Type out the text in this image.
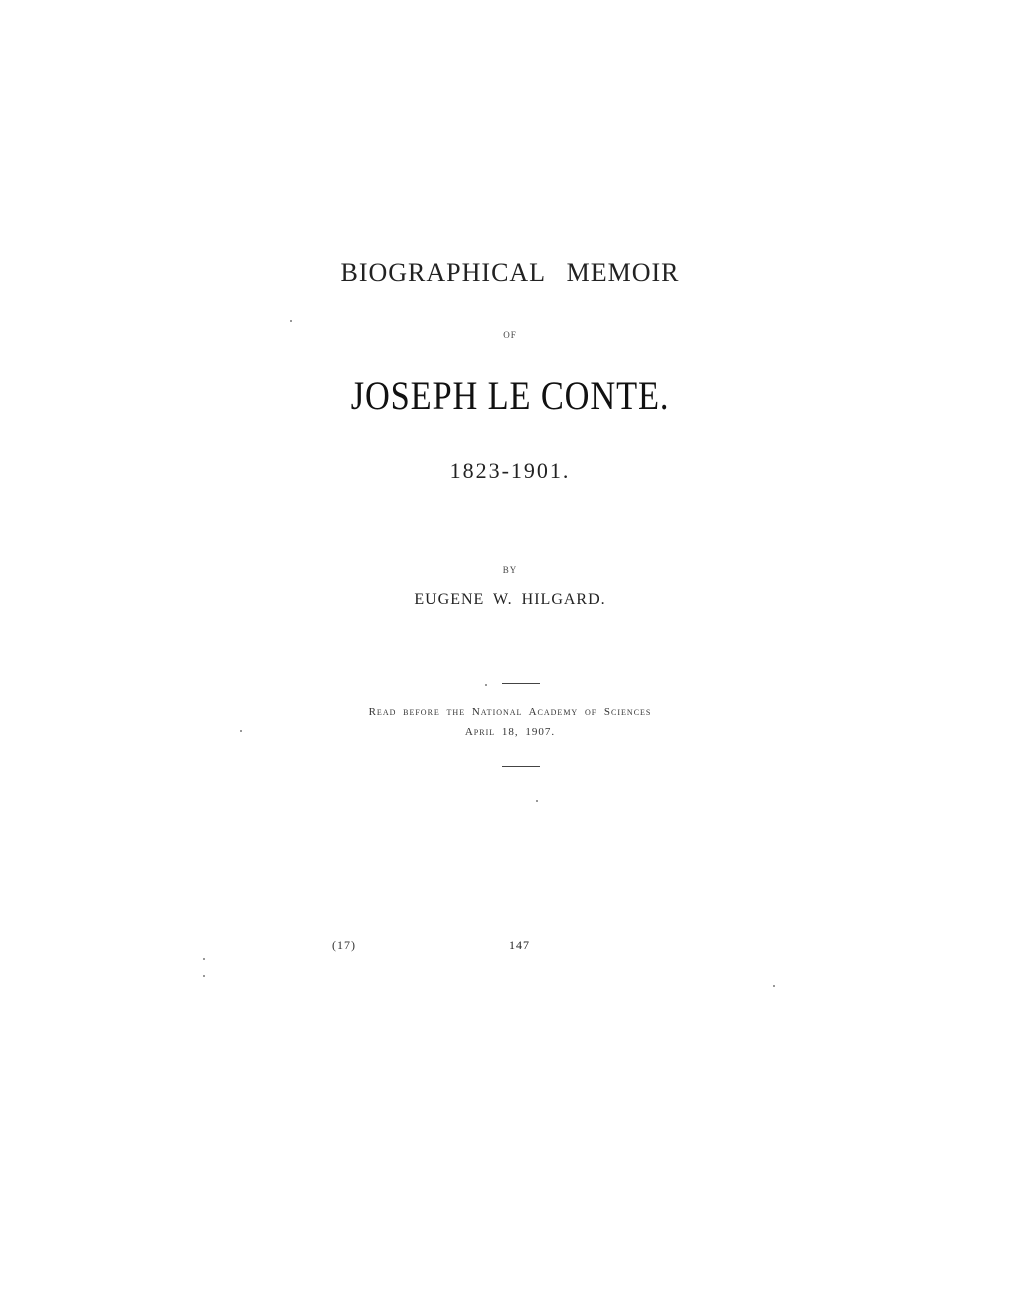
BIOGRAPHICAL MEMOIR
OF
JOSEPH LE CONTE.
1823-1901.
BY
EUGENE W. HILGARD.
Read before the National Academy of Sciences
April 18, 1907.
(17)	147
